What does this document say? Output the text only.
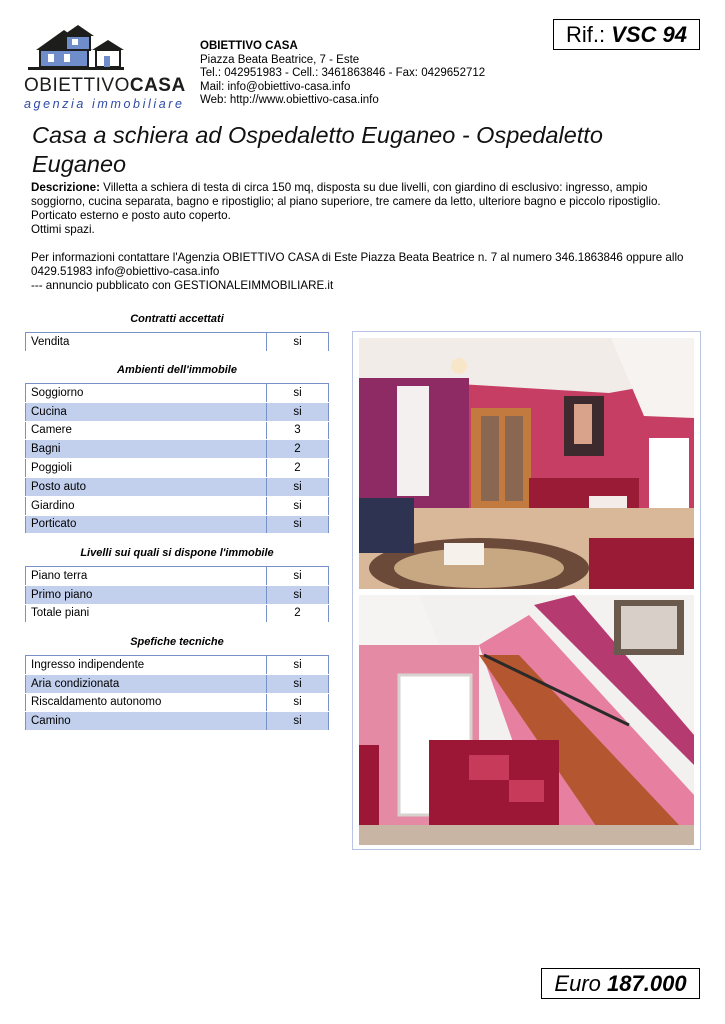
OBIETTIVOCASA
agenzia immobiliare
OBIETTIVO CASA
Piazza Beata Beatrice, 7 - Este
Tel.: 042951983 - Cell.: 3461863846 - Fax: 0429652712
Mail: info@obiettivo-casa.info
Web: http://www.obiettivo-casa.info
Rif.: VSC 94
Casa a schiera ad Ospedaletto Euganeo - Ospedaletto Euganeo
Descrizione: Villetta a schiera di testa di circa 150 mq, disposta su due livelli, con giardino di esclusivo: ingresso, ampio soggiorno, cucina separata, bagno e ripostiglio; al piano superiore, tre camere da letto, ulteriore bagno e piccolo ripostiglio. Porticato esterno e posto auto coperto.
Ottimi spazi.
Per informazioni contattare l'Agenzia OBIETTIVO CASA di Este Piazza Beata Beatrice n. 7 al numero 346.1863846 oppure allo 0429.51983 info@obiettivo-casa.info
--- annuncio pubblicato con GESTIONALEIMMOBILIARE.it
Contratti accettati
Vendita	si
Ambienti dell'immobile
Soggiorno	si
Cucina	si
Camere	3
Bagni	2
Poggioli	2
Posto auto	si
Giardino	si
Porticato	si
Livelli sui quali si dispone l'immobile
Piano terra	si
Primo piano	si
Totale piani	2
Spefiche tecniche
Ingresso indipendente	si
Aria condizionata	si
Riscaldamento autonomo	si
Camino	si
Euro 187.000
